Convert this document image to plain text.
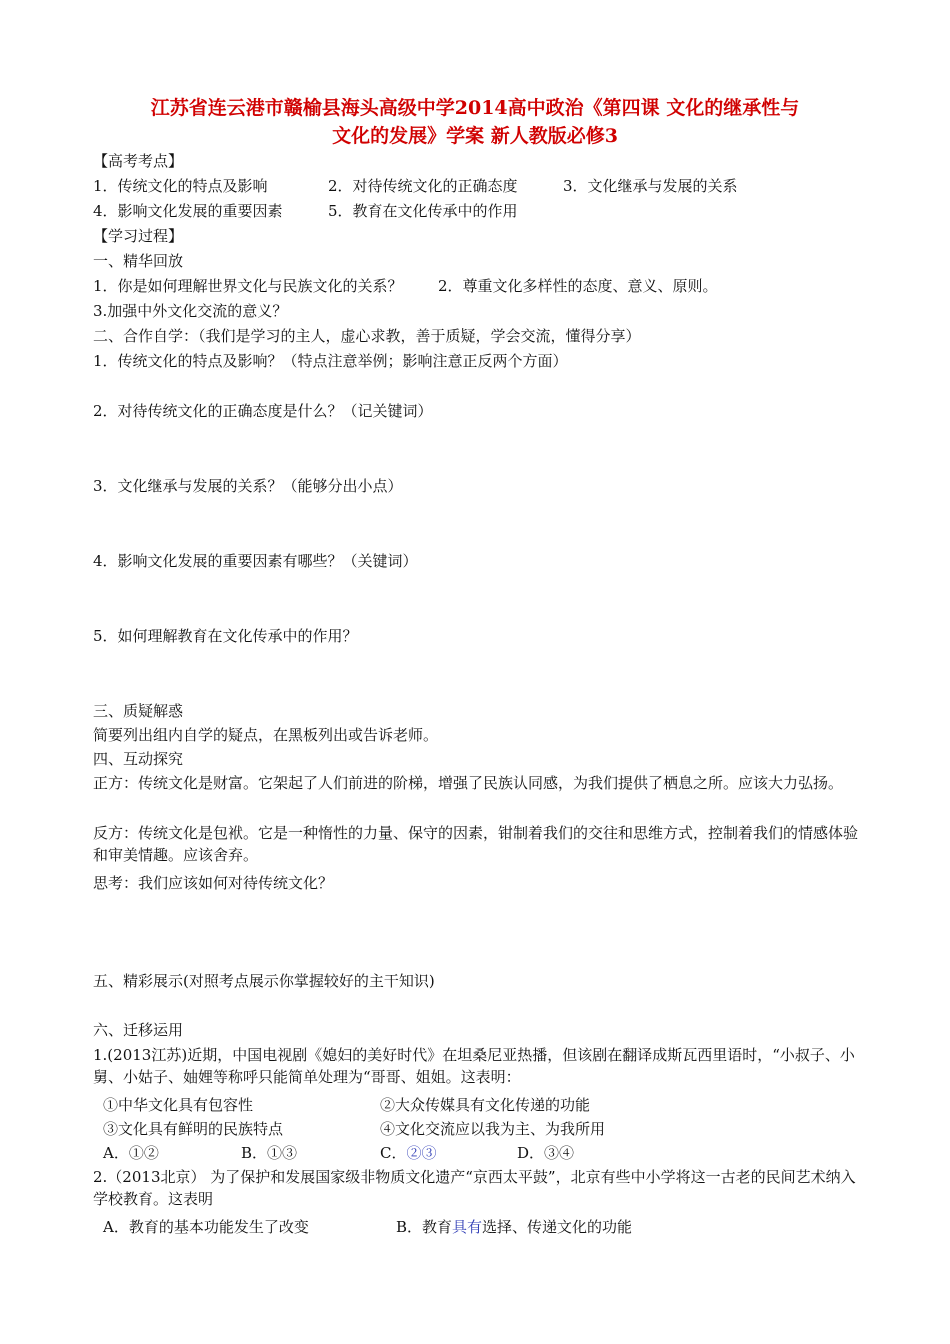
江苏省连云港市赣榆县海头高级中学2014高中政治《第四课 文化的继承性与
文化的发展》学案 新人教版必修3
【高考考点】
1．传统文化的特点及影响	2．对待传统文化的正确态度	3．文化继承与发展的关系
4．影响文化发展的重要因素	5．教育在文化传承中的作用
【学习过程】
一、精华回放
1．你是如何理解世界文化与民族文化的关系？ 2．尊重文化多样性的态度、意义、原则。
3.加强中外文化交流的意义？
二、合作自学：（我们是学习的主人，虚心求教，善于质疑，学会交流，懂得分享）
1．传统文化的特点及影响？（特点注意举例；影响注意正反两个方面）
2．对待传统文化的正确态度是什么？（记关键词）
3．文化继承与发展的关系？（能够分出小点）
4．影响文化发展的重要因素有哪些？（关键词）
5．如何理解教育在文化传承中的作用？
三、质疑解惑
简要列出组内自学的疑点，在黑板列出或告诉老师。
四、互动探究
正方：传统文化是财富。它架起了人们前进的阶梯，增强了民族认同感，为我们提供了栖息之所。应该大力弘扬。
反方：传统文化是包袱。它是一种惰性的力量、保守的因素，钳制着我们的交往和思维方式，控制着我们的情感体验和审美情趣。应该舍弃。
思考：我们应该如何对待传统文化？
五、精彩展示(对照考点展示你掌握较好的主干知识)
六、迁移运用
1.(2013江苏)近期，中国电视剧《媳妇的美好时代》在坦桑尼亚热播，但该剧在翻译成斯瓦西里语时，“小叔子、小舅、小姑子、妯娌等称呼只能简单处理为“哥哥、姐姐。这表明：
①中华文化具有包容性	②大众传媒具有文化传递的功能
③文化具有鲜明的民族特点	④文化交流应以我为主、为我所用
A．①②	B．①③	C．②③	D．③④
2.（2013北京） 为了保护和发展国家级非物质文化遗产“京西太平鼓”，北京有些中小学将这一古老的民间艺术纳入学校教育。这表明
A．教育的基本功能发生了改变	B．教育具有选择、传递文化的功能
